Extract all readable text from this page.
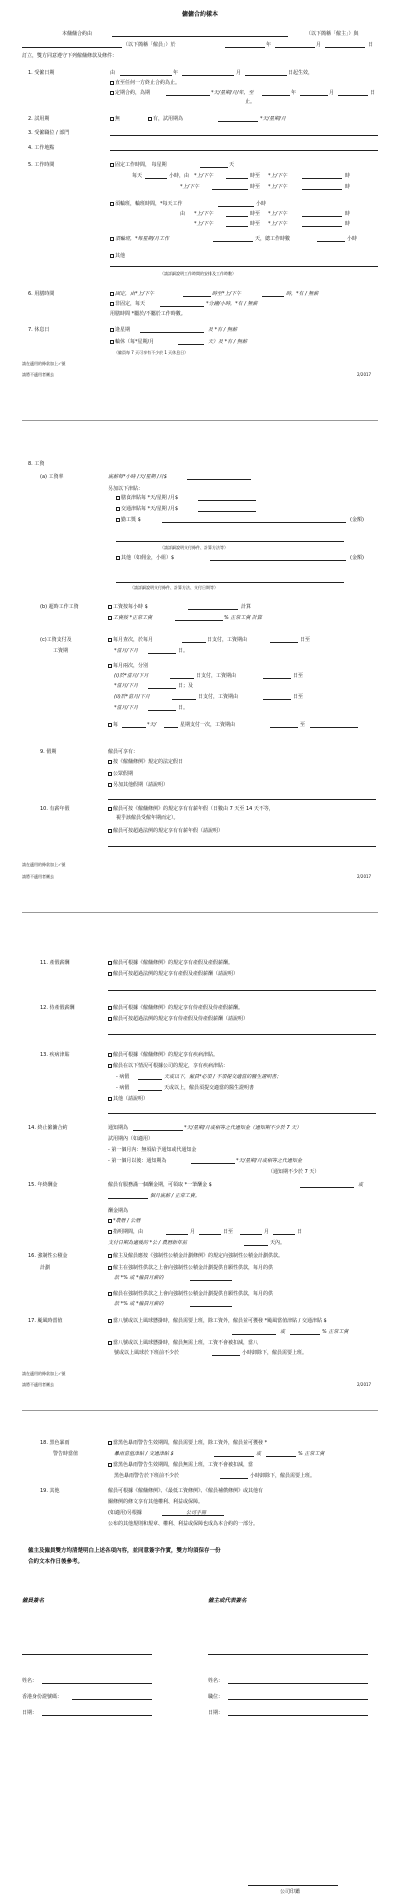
傭傭合約樣本
本傭傭合約由	（以下簡稱「僱主」）與
（以下簡稱「僱員」）於	年	月	日
訂立，雙方同意遵守下列僱傭條款及條件：
1. 受僱日期	由	年	月	日起生效，
直至任何一方終止合約為止。
定期合約，為期	*天/星期/月/年，至	年	月	日
止。
2. 試用期	無	有，試用期為	*天/星期/月
3. 受僱職位 / 部門
4. 工作地點
5. 工作時間	固定工作時間， 每星期	天
每天	小時，由 *上/下午	時至 *上/下午	時
*上/下午	時至 *上/下午	時
須輪班，輪班時間，*每天工作	小時
由 *上/下午	時至 *上/下午	時
*上/下午	時至 *上/下午	時
須輪班，*每星期/月工作	天，總工作時數	小時
其他
（請詳細說明工作時間的安排及工作時數）
6. 用膳時間	固定，由*上/下午	時至*上/下午	時，*有 / 無薪
非固定，每天	*分鐘/小時，*有 / 無薪
用膳時間 *屬於/不屬於工作時數。
7. 休息日	逢星期	及 *有 / 無薪
輪休（每*星期/月	天）及 *有 / 無薪
（僱員每 7 天可享有不少於 1 天休息日）
請在適用的條款加上✓號
請將不適用者刪去	2/2017
8. 工資
(a) 工資率	底薪每*小時 /天/星期 /月$
另加以下津貼：
膳食津貼每 *天/星期 /月$
交通津貼每 *天/星期 /月$
勤工獎 $	(金額)
（請詳細說明支付條件、計算方法等）
其他（如佣金，小組）$	(金額)
（請詳細說明支付條件、計算方法、支付日期等）
(b) 超時工作工資	工資按每小時 $	計算
工資按 *正常工資	% 正常工資 計算
(c)工資支付及
工資期
每月查次，於每月	日支付，工資期由	日至
*當月/下月	日。
每月兩次，分別
(i)於*當月/下月	日支付，工資期由	日至
*當月/下月	日；及
(ii)於*當月/下月	日支付，工資期由	日至
*當月/下月	日。
每	*天/	星期支付一次，工資期由	至
9. 假期	僱員可享有：
按《僱傭條例》規定的法定假日
公眾假期
另加其他假期（請說明）
10. 有薪年假	僱員可按《僱傭條例》的規定享有有薪年假（日數由 7 天至 14 天不等，
視乎該僱員受僱年期而定）。
僱員可按超過法例的規定享有有薪年假（請說明）
請在適用的條款加上✓號
請將不適用者刪去	2/2017
11. 產假薪酬	僱員可根據《僱傭條例》的規定享有產假及產假薪酬。
僱員可按超過法例的規定享有產假及產假薪酬（請說明）
12. 侍產假薪酬	僱員可根據《僱傭條例》的規定享有侍產假及侍產假薪酬。
僱員可按超過法例的規定享有侍產假及侍產假薪酬（請說明）
13. 疾病津貼	僱員可根據《僱傭條例》的規定享有疾病津貼。
僱員在以下情況可根據公司的規定，享有疾病津貼：
- 病假	天或以下，僱員*必須 / 不須提交適當的醫生證明書；
- 病假	天或以上，僱員須提交適當的醫生證明書
其他（請說明）
14. 終止僱傭合約	通知期為	*天/星期/月或相等之代通知金（通知期不少於 7 天）
試用期內（如適用）
- 第一個月內：無須給予通知或代通知金
- 第一個月以後：通知期為	*天/星期/月或相等之代通知金
（通知期不少於 7 天）
15. 年終酬金	僱員有服務滿一個酬金期，可領取 *一筆酬金 $	或
個月底薪 / 正常工資。
酬金期為
*農曆 / 公曆
指明期間，由	月	日至	月	日
支付日期為適後的 *公 / 農曆新年前	天內。
16. 強制性公積金
計劃
僱主及僱員應按《強制性公積金計劃條例》的規定向強制性公積金計劃供款。
僱主在強制性供款之上會向強制性公積金計劃提供自願性供款，每月的供
款 *% 或 *僱員月薪的
僱員在強制性供款之上會向強制性公積金計劃提供自願性供款，每月的供
款 *% 或 *僱員月薪的
17. 颱風時當值	當八號或以上風球懸掛時，僱員需要上班，除工資外，僱員並可獲發 *颱風當值津貼 / 交通津貼 $
或	% 正常工資
當八號或以上風球懸掛時，僱員無需上班，工資不會被扣減，當八
號或以上風球於下班前不少於	小時卸除下，僱員需要上班。
請在適用的條款加上✓號
請將不適用者刪去	2/2017
18. 黑色暴雨
警告時當值
當黑色暴雨警告生效期間，僱員需要上班，除工資外，僱員並可獲發 *
暴雨當值津貼 / 交通津貼 $	或	% 正常工資
當黑色暴雨警告生效期間，僱員無需上班，工資不會被扣減，當
黑色暴雨警告於下班前不少於	小時卸除下，僱員需要上班。
19. 其他	僱員可根據《僱傭條例》、《最低工資條例》、《僱員補償條例》或其他有
關條例的條文享有其他權利、利益或保障。
(如適用)另根據	公司手冊
公布的其他規則和規章、權利、利益或保障也成為本合約的一部分。
僱主及僱員雙方均清楚明白上述各項內容，並同意簽字作實，雙方均須保存一份
合約文本作日後參考。
僱員簽名	僱主或代表簽名
姓名：
香港身份證號碼：
日期：
姓名：
職位：
日期：
公司印鑑
